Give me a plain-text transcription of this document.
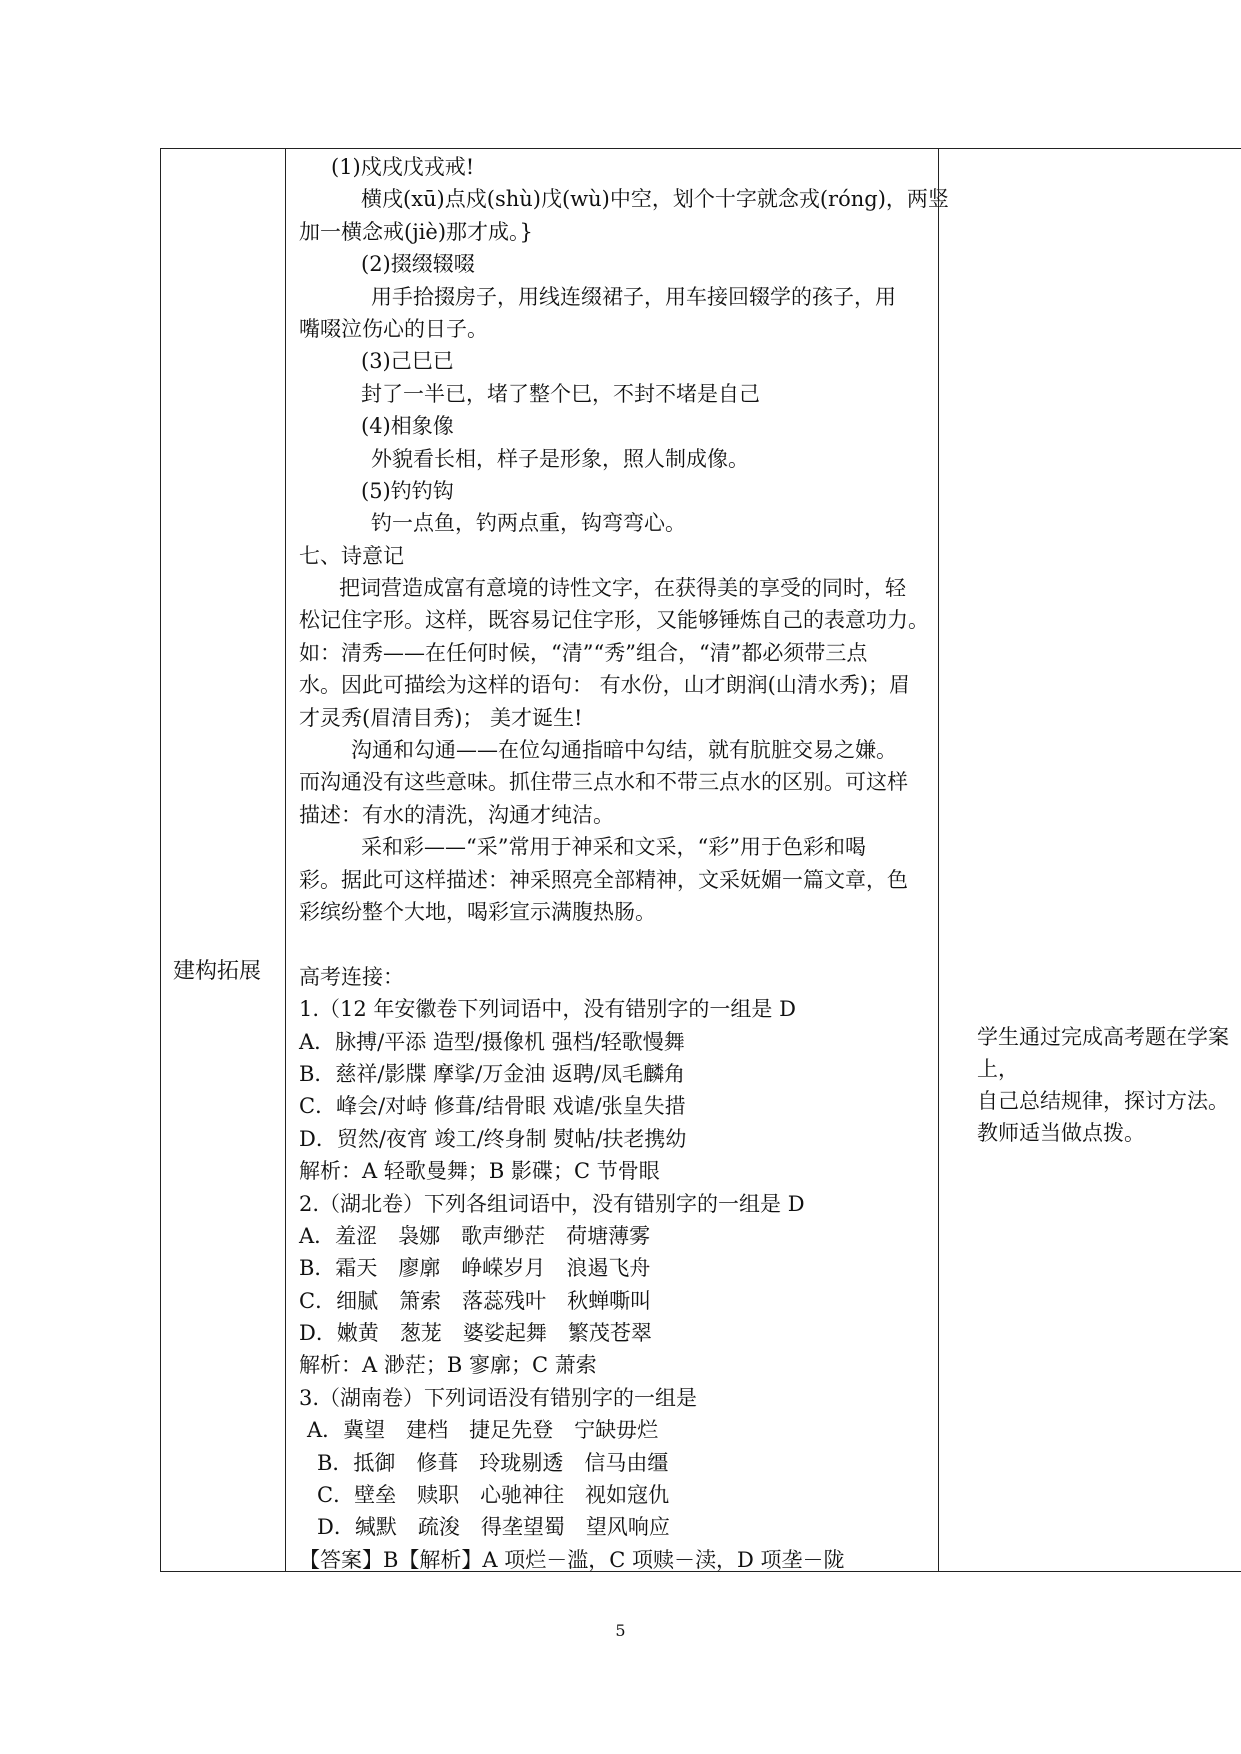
建构拓展
(1)戍戌戊戎戒!
横戌(xū)点戍(shù)戊(wù)中空，划个十字就念戎(róng)，两竖
加一横念戒(jiè)那才成。}
(2)掇缀辍啜
用手拾掇房子，用线连缀裙子，用车接回辍学的孩子，用
嘴啜泣伤心的日子。
(3)己巳已
封了一半已，堵了整个巳，不封不堵是自己
(4)相象像
外貌看长相，样子是形象，照人制成像。
(5)钓钓钩
钓一点鱼，钓两点重，钩弯弯心。
七、诗意记
把词营造成富有意境的诗性文字，在获得美的享受的同时，轻
松记住字形。这样，既容易记住字形，又能够锤炼自己的表意功力。
如：清秀——在任何时候，“清”“秀”组合，“清”都必须带三点
水。因此可描绘为这样的语句： 有水份，山才朗润(山清水秀)；眉
才灵秀(眉清目秀)； 美才诞生!
沟通和勾通——在位勾通指暗中勾结，就有肮脏交易之嫌。
而沟通没有这些意味。抓住带三点水和不带三点水的区别。可这样
描述：有水的清洗，沟通才纯洁。
采和彩——“采”常用于神采和文采，“彩”用于色彩和喝
彩。据此可这样描述：神采照亮全部精神，文采妩媚一篇文章，色
彩缤纷整个大地，喝彩宣示满腹热肠。
高考连接：
1.（12 年安徽卷下列词语中，没有错别字的一组是 D
A．脉搏/平添 造型/摄像机 强档/轻歌慢舞
B．慈祥/影牒 摩挲/万金油 返聘/凤毛麟角
C．峰会/对峙 修葺/结骨眼 戏谑/张皇失措
D．贸然/夜宵 竣工/终身制 熨帖/扶老携幼
解析：A 轻歌曼舞；B 影碟；C 节骨眼
2.（湖北卷）下列各组词语中，没有错别字的一组是 D
A．羞涩　袅娜　歌声缈茫　荷塘薄雾
B．霜天　廖廓　峥嵘岁月　浪遏飞舟
C．细腻　箫索　落蕊残叶　秋蝉嘶叫
D．嫩黄　葱茏　婆娑起舞　繁茂苍翠
解析：A 渺茫；B 寥廓；C 萧索
3.（湖南卷）下列词语没有错别字的一组是
A．冀望　建档　捷足先登　宁缺毋烂
B．抵御　修葺　玲珑剔透　信马由缰
C．壁垒　赎职　心驰神往　视如寇仇
D．缄默　疏浚　得垄望蜀　望风响应
【答案】B【解析】A 项烂－滥，C 项赎－渎，D 项垄－陇
学生通过完成高考题在学案
上，
自己总结规律，探讨方法。
教师适当做点拨。
5
